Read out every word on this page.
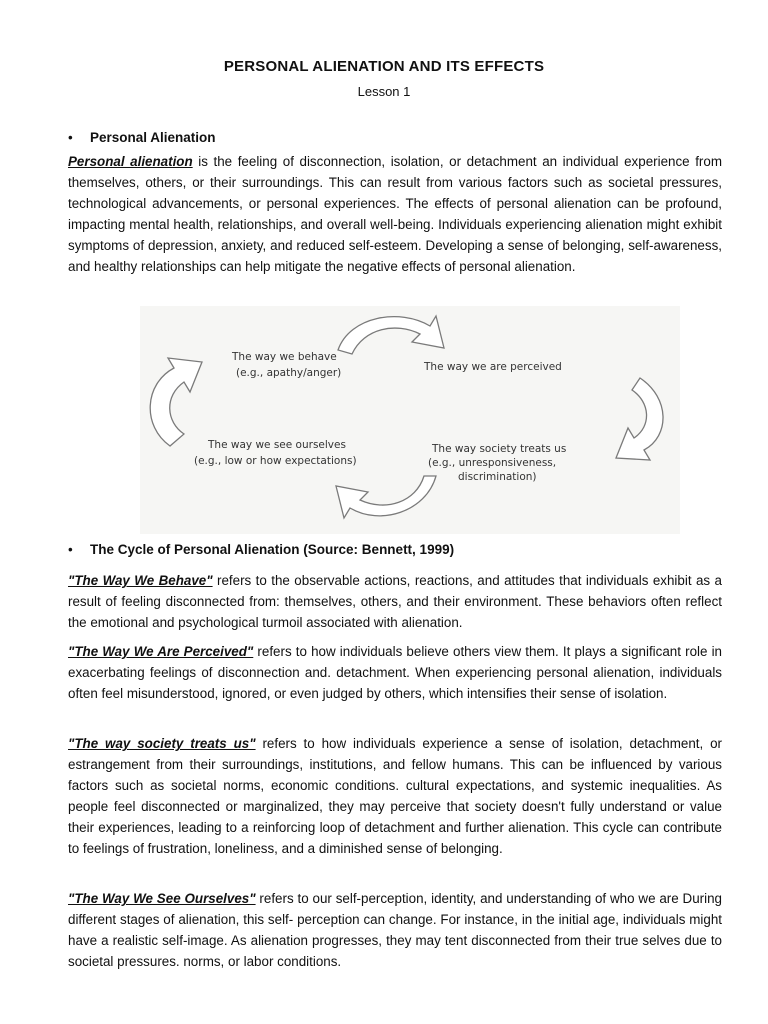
PERSONAL ALIENATION AND ITS EFFECTS
Lesson 1
• Personal Alienation

Personal alienation is the feeling of disconnection, isolation, or detachment an individual experience from themselves, others, or their surroundings. This can result from various factors such as societal pressures, technological advancements, or personal experiences. The effects of personal alienation can be profound, impacting mental health, relationships, and overall well-being. Individuals experiencing alienation might exhibit symptoms of depression, anxiety, and reduced self-esteem. Developing a sense of belonging, self-awareness, and healthy relationships can help mitigate the negative effects of personal alienation.

The way we behave
(e.g., apathy/anger)	The way we are perceived
The way we see ourselves
(e.g., low or how expectations)
The way society treats us
(e.g., unresponsiveness,
discrimination)
• The Cycle of Personal Alienation (Source: Bennett, 1999)

"The Way We Behave" refers to the observable actions, reactions, and attitudes that individuals exhibit as a result of feeling disconnected from: themselves, others, and their environment. These behaviors often reflect the emotional and psychological turmoil associated with alienation.

"The Way We Are Perceived" refers to how individuals believe others view them. It plays a significant role in exacerbating feelings of disconnection and. detachment. When experiencing personal alienation, individuals often feel misunderstood, ignored, or even judged by others, which intensifies their sense of isolation.

"The way society treats us" refers to how individuals experience a sense of isolation, detachment, or estrangement from their surroundings, institutions, and fellow humans. This can be influenced by various factors such as societal norms, economic conditions. cultural expectations, and systemic inequalities. As people feel disconnected or marginalized, they may perceive that society doesn't fully understand or value their experiences, leading to a reinforcing loop of detachment and further alienation. This cycle can contribute to feelings of frustration, loneliness, and a diminished sense of belonging.

"The Way We See Ourselves" refers to our self-perception, identity, and understanding of who we are During different stages of alienation, this self- perception can change. For instance, in the initial age, individuals might have a realistic self-image. As alienation progresses, they may tent disconnected from their true selves due to societal pressures. norms, or labor conditions.
